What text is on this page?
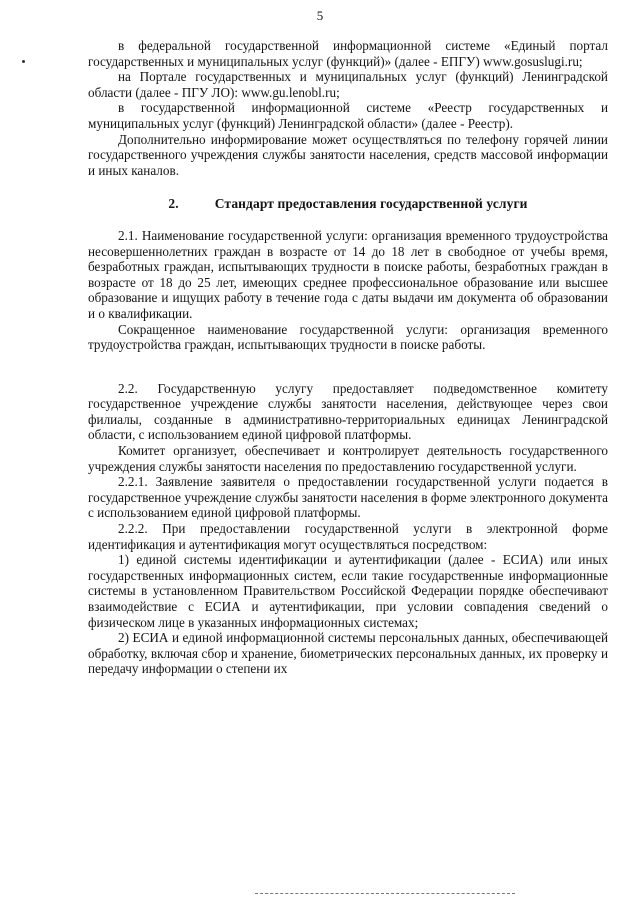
5

в федеральной государственной информационной системе «Единый портал государственных и муниципальных услуг (функций)» (далее - ЕПГУ) www.gosuslugi.ru;

на Портале государственных и муниципальных услуг (функций) Ленинградской области (далее - ПГУ ЛО): www.gu.lenobl.ru;

в государственной информационной системе «Реестр государственных и муниципальных услуг (функций) Ленинградской области» (далее - Реестр).

Дополнительно информирование может осуществляться по телефону горячей линии государственного учреждения службы занятости населения, средств массовой информации и иных каналов.

2.	Стандарт предоставления государственной услуги

2.1. Наименование государственной услуги: организация временного трудоустройства несовершеннолетних граждан в возрасте от 14 до 18 лет в свободное от учебы время, безработных граждан, испытывающих трудности в поиске работы, безработных граждан в возрасте от 18 до 25 лет, имеющих среднее профессиональное образование или высшее образование и ищущих работу в течение года с даты выдачи им документа об образовании и о квалификации.

Сокращенное наименование государственной услуги: организация временного трудоустройства граждан, испытывающих трудности в поиске работы.

2.2. Государственную услугу предоставляет подведомственное комитету государственное учреждение службы занятости населения, действующее через свои филиалы, созданные в административно-территориальных единицах Ленинградской области, с использованием единой цифровой платформы.

Комитет организует, обеспечивает и контролирует деятельность государственного учреждения службы занятости населения по предоставлению государственной услуги.

2.2.1. Заявление заявителя о предоставлении государственной услуги подается в государственное учреждение службы занятости населения в форме электронного документа с использованием единой цифровой платформы.

2.2.2. При предоставлении государственной услуги в электронной форме идентификация и аутентификация могут осуществляться посредством:

1) единой системы идентификации и аутентификации (далее - ЕСИА) или иных государственных информационных систем, если такие государственные информационные системы в установленном Правительством Российской Федерации порядке обеспечивают взаимодействие с ЕСИА и аутентификации, при условии совпадения сведений о физическом лице в указанных информационных системах;

2) ЕСИА и единой информационной системы персональных данных, обеспечивающей обработку, включая сбор и хранение, биометрических персональных данных, их проверку и передачу информации о степени их
